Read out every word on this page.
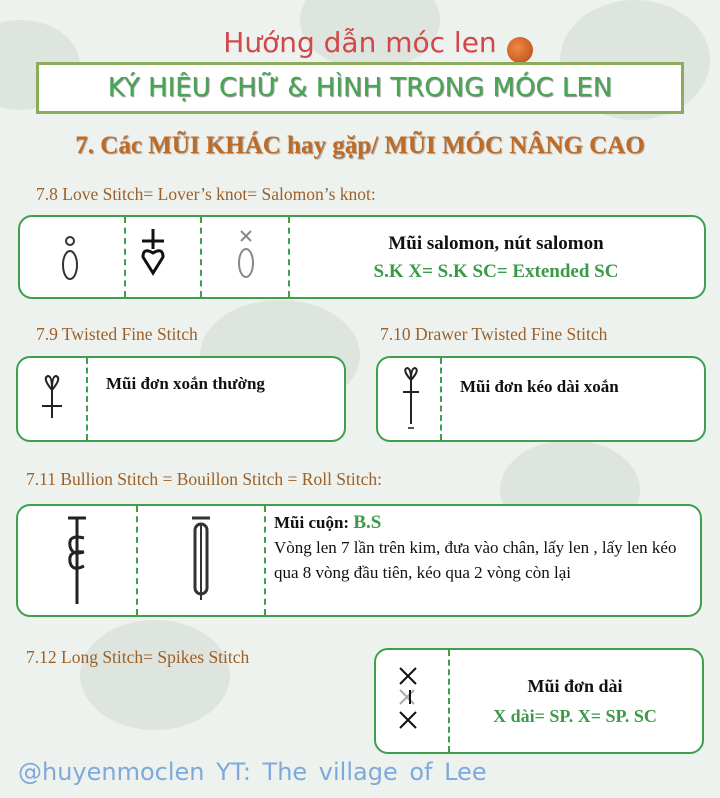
Hướng dẫn móc len
KÝ HIỆU CHỮ & HÌNH TRONG MÓC LEN
7. Các MŨI KHÁC hay gặp/ MŨI MÓC NÂNG CAO
7.8 Love Stitch= Lover’s knot= Salomon’s knot:
Mũi salomon, nút salomon
S.K X= S.K SC= Extended SC
7.9 Twisted Fine Stitch	7.10 Drawer Twisted Fine Stitch
Mũi đơn xoắn thường	Mũi đơn kéo dài xoắn
7.11 Bullion Stitch = Bouillon Stitch = Roll Stitch:
Mũi cuộn: B.S
Vòng len 7 lần trên kim, đưa vào chân, lấy len , lấy len kéo qua 8 vòng đầu tiên, kéo qua 2 vòng còn lại
7.12 Long Stitch= Spikes Stitch
Mũi đơn dài
X dài= SP. X= SP. SC
@huyenmoclen YT: The village of Lee
